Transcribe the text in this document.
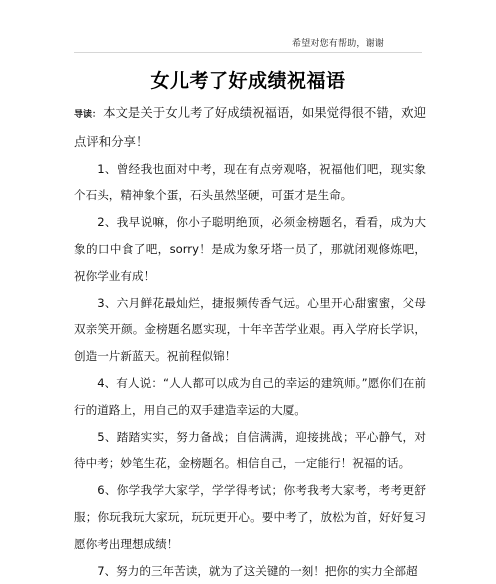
希望对您有帮助，谢谢
女儿考了好成绩祝福语

导读： 本文是关于女儿考了好成绩祝福语，如果觉得很不错，欢迎点评和分享！

1、曾经我也面对中考，现在有点旁观咯，祝福他们吧，现实象个石头，精神象个蛋，石头虽然坚硬，可蛋才是生命。

2、我早说嘛，你小子聪明绝顶，必须金榜题名，看看，成为大象的口中食了吧，sorry！是成为象牙塔一员了，那就闭观修炼吧，祝你学业有成！

3、六月鲜花最灿烂，捷报频传香气远。心里开心甜蜜蜜，父母双亲笑开颜。金榜题名愿实现，十年辛苦学业艰。再入学府长学识，创造一片新蓝天。祝前程似锦！

4、有人说：“人人都可以成为自己的幸运的建筑师。”愿你们在前行的道路上，用自己的双手建造幸运的大厦。

5、踏踏实实，努力备战；自信满满，迎接挑战；平心静气，对待中考；妙笔生花，金榜题名。相信自己，一定能行！祝福的话。

6、你学我学大家学，学学得考试；你考我考大家考，考考更舒服；你玩我玩大家玩，玩玩更开心。要中考了，放松为首，好好复习愿你考出理想成绩！

7、努力的三年苦读，就为了这关键的一刻！把你的实力全部超
